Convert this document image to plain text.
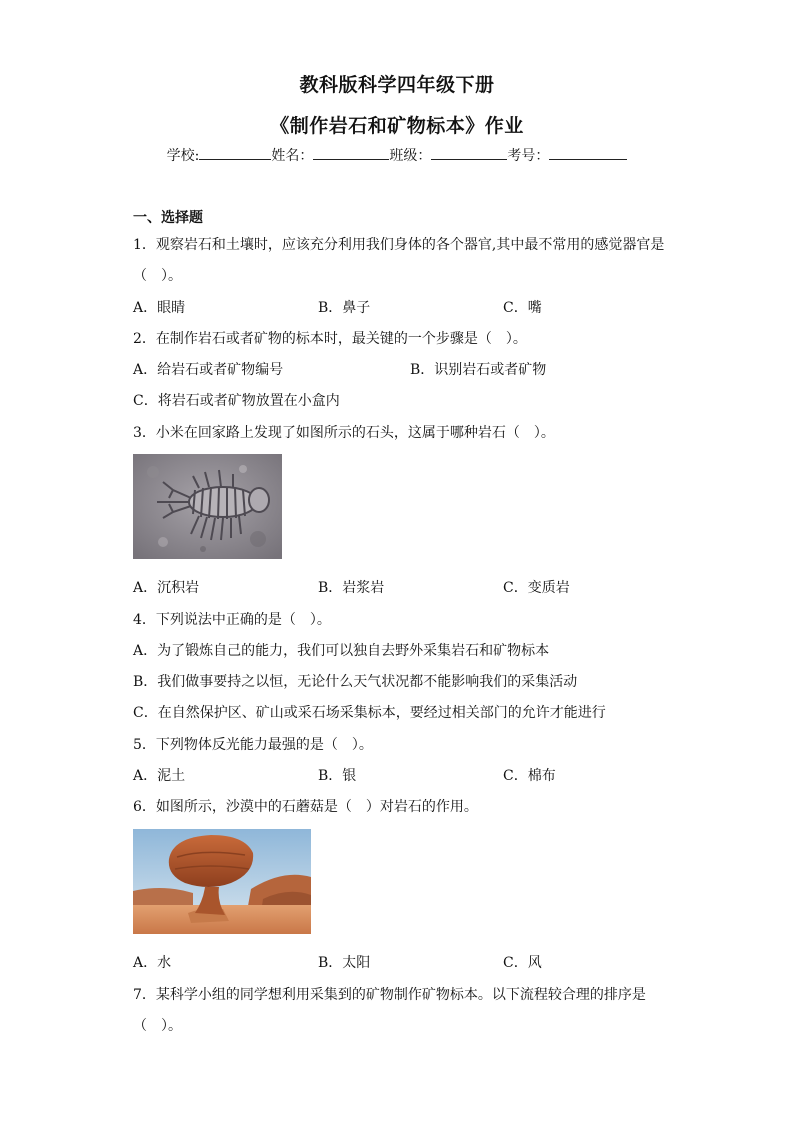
教科版科学四年级下册
《制作岩石和矿物标本》作业
学校:	姓名：	班级：	考号：
一、选择题
1．观察岩石和土壤时，应该充分利用我们身体的各个器官,其中最不常用的感觉器官是
（　）。
A．眼睛	B．鼻子	C．嘴
2．在制作岩石或者矿物的标本时，最关键的一个步骤是（　）。
A．给岩石或者矿物编号	B．识别岩石或者矿物
C．将岩石或者矿物放置在小盒内
3．小米在回家路上发现了如图所示的石头，这属于哪种岩石（　）。
A．沉积岩	B．岩浆岩	C．变质岩
4．下列说法中正确的是（　）。
A．为了锻炼自己的能力，我们可以独自去野外采集岩石和矿物标本
B．我们做事要持之以恒，无论什么天气状况都不能影响我们的采集活动
C．在自然保护区、矿山或采石场采集标本，要经过相关部门的允许才能进行
5．下列物体反光能力最强的是（　）。
A．泥土	B．银	C．棉布
6．如图所示，沙漠中的石蘑菇是（　）对岩石的作用。
A．水	B．太阳	C．风
7．某科学小组的同学想利用采集到的矿物制作矿物标本。以下流程较合理的排序是
（　）。
